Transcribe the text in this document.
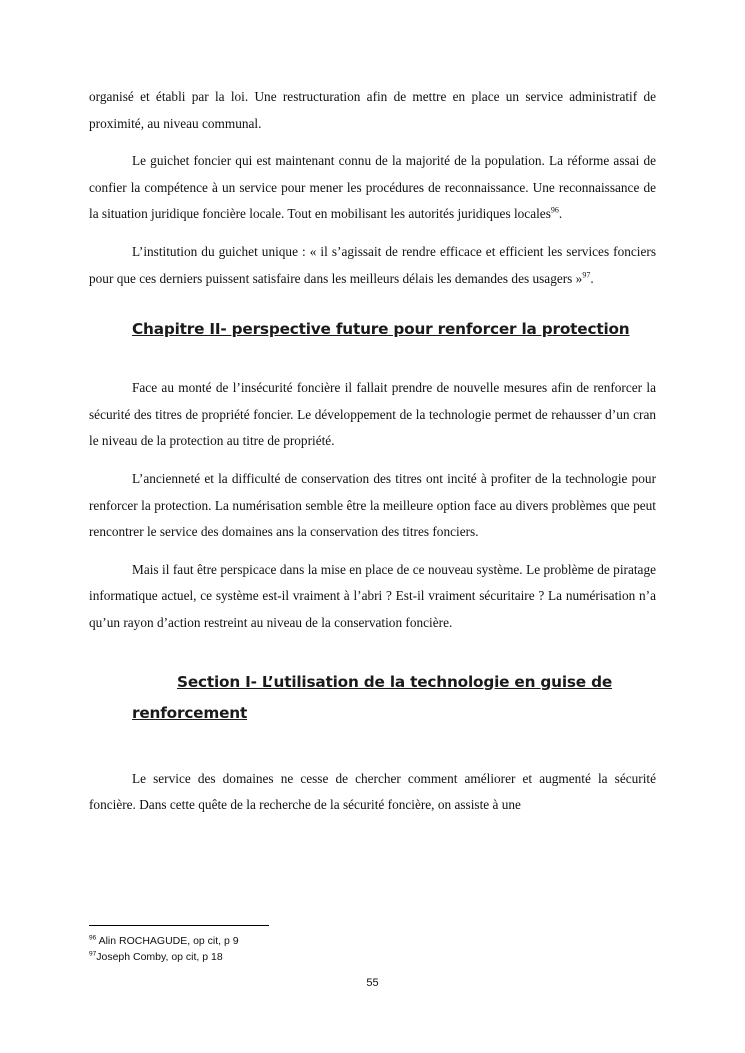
organisé et établi par la loi. Une restructuration afin de mettre en place un service administratif de proximité, au niveau communal.

Le guichet foncier qui est maintenant connu de la majorité de la population. La réforme assai de confier la compétence à un service pour mener les procédures de reconnaissance. Une reconnaissance de la situation juridique foncière locale. Tout en mobilisant les autorités juridiques locales$^{96}$.

L’institution du guichet unique : « il s’agissait de rendre efficace et efficient les services fonciers pour que ces derniers puissent satisfaire dans les meilleurs délais les demandes des usagers »$^{97}$.

Chapitre II- perspective future pour renforcer la protection

Face au monté de l’insécurité foncière il fallait prendre de nouvelle mesures afin de renforcer la sécurité des titres de propriété foncier. Le développement de la technologie permet de rehausser d’un cran le niveau de la protection au titre de propriété.

L’ancienneté et la difficulté de conservation des titres ont incité à profiter de la technologie pour renforcer la protection. La numérisation semble être la meilleure option face au divers problèmes que peut rencontrer le service des domaines ans la conservation des titres fonciers.

Mais il faut être perspicace dans la mise en place de ce nouveau système. Le problème de piratage informatique actuel, ce système est-il vraiment à l’abri ? Est-il vraiment sécuritaire ? La numérisation n’a qu’un rayon d’action restreint au niveau de la conservation foncière.

Section I- L’utilisation de la technologie en guise de
renforcement

Le service des domaines ne cesse de chercher comment améliorer et augmenté la sécurité foncière. Dans cette quête de la recherche de la sécurité foncière, on assiste à une

$^{96}$ Alin ROCHAGUDE, op cit, p 9
$^{97}$Joseph Comby, op cit, p 18
55
